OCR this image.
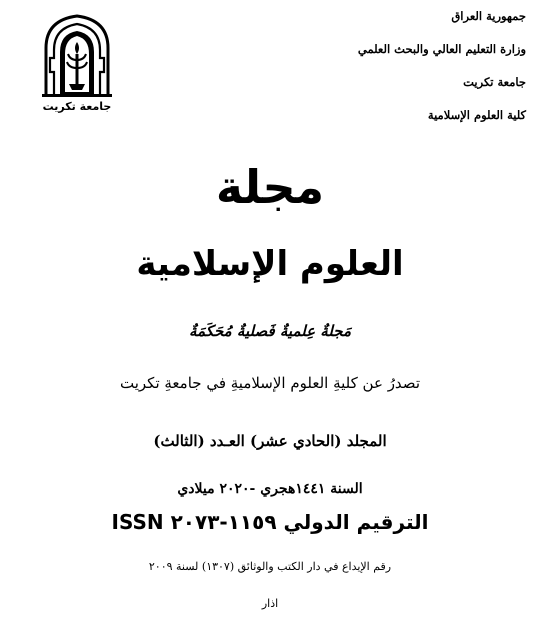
جمهورية العراق
وزارة التعليم العالي والبحث العلمي
جامعة تكريت
كلية العلوم الإسلامية
جامعة تكريت
مجلة
العلوم الإسلامية
مَجلةٌ عِلميةٌ فَصليةٌ مُحَكَمَةٌ
تصدرُ عن كليةِ العلوم الإسلاميةِ في جامعةِ تكريت
المجلد (الحادي عشر) العـدد (الثالث)
السنة ١٤٤١هجري -٢٠٢٠ ميلادي
الترقيم الدولي ١١٥٩-٢٠٧٣ ISSN
رقم الإيداع في دار الكتب والوثائق (١٣٠٧) لسنة ٢٠٠٩
اذار
